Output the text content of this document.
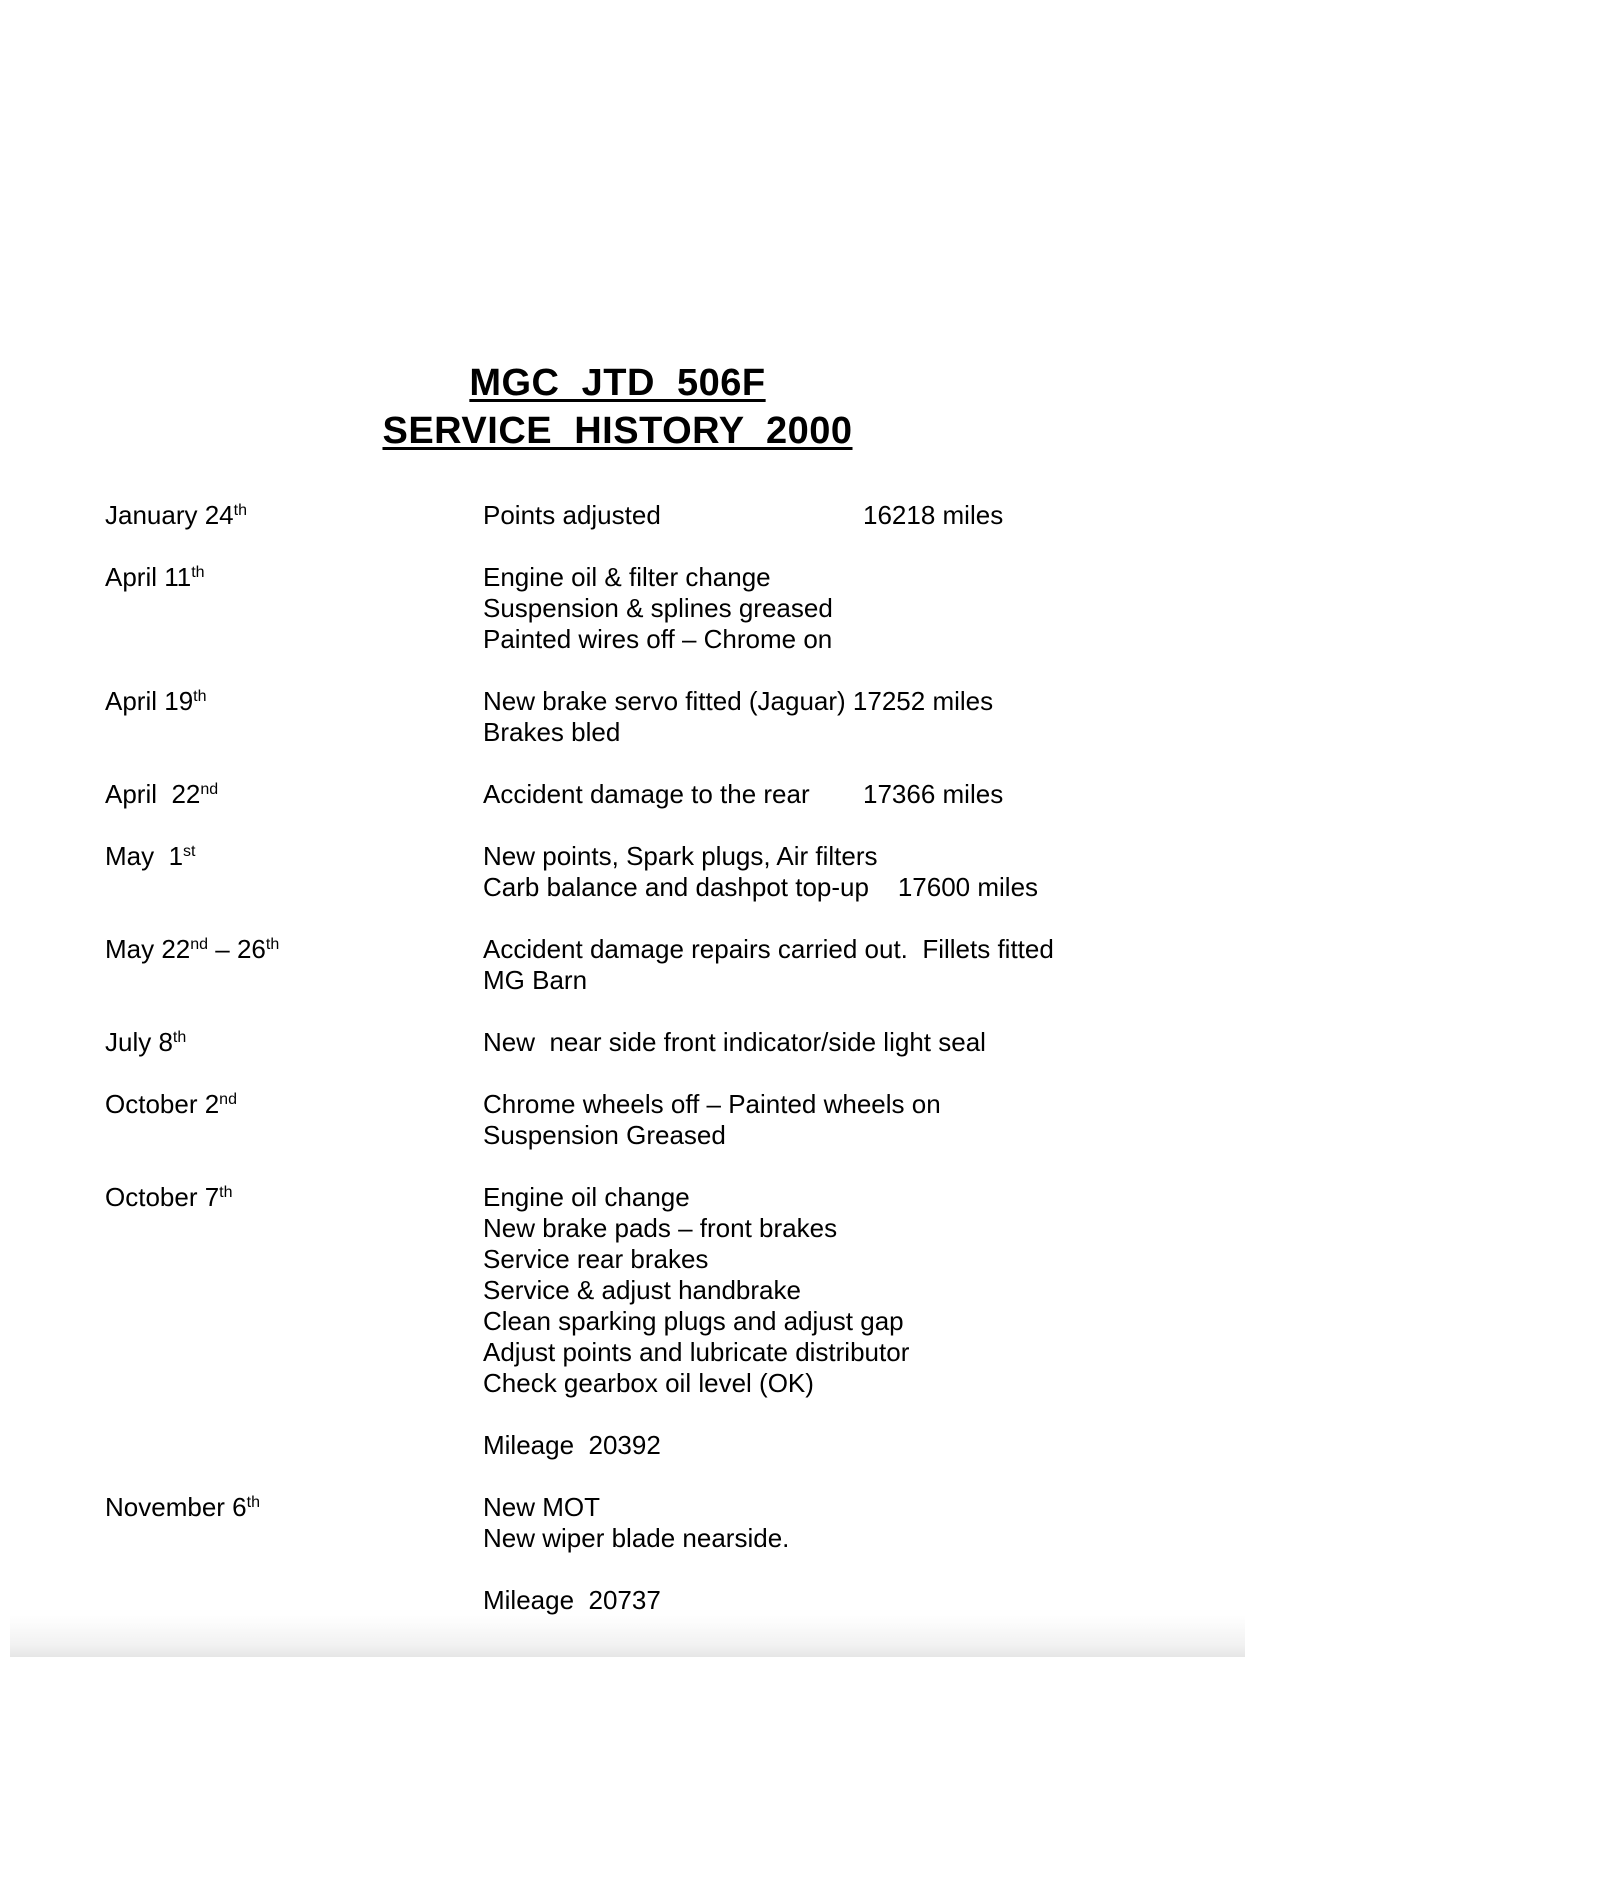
MGC  JTD  506F
SERVICE  HISTORY  2000
January 24th	Points adjusted	16218 miles
April 11th	Engine oil & filter change
Suspension & splines greased
Painted wires off – Chrome on
April 19th	New brake servo fitted (Jaguar) 17252 miles
Brakes bled
April  22nd	Accident damage to the rear 17366 miles
May  1st	New points, Spark plugs, Air filters
Carb balance and dashpot top-up    17600 miles
May 22nd – 26th	Accident damage repairs carried out.  Fillets fitted
MG Barn
July 8th	New  near side front indicator/side light seal
October 2nd	Chrome wheels off – Painted wheels on
Suspension Greased
October 7th	Engine oil change
New brake pads – front brakes
Service rear brakes
Service & adjust handbrake
Clean sparking plugs and adjust gap
Adjust points and lubricate distributor
Check gearbox oil level (OK)
Mileage  20392
November 6th	New MOT
New wiper blade nearside.
Mileage  20737
